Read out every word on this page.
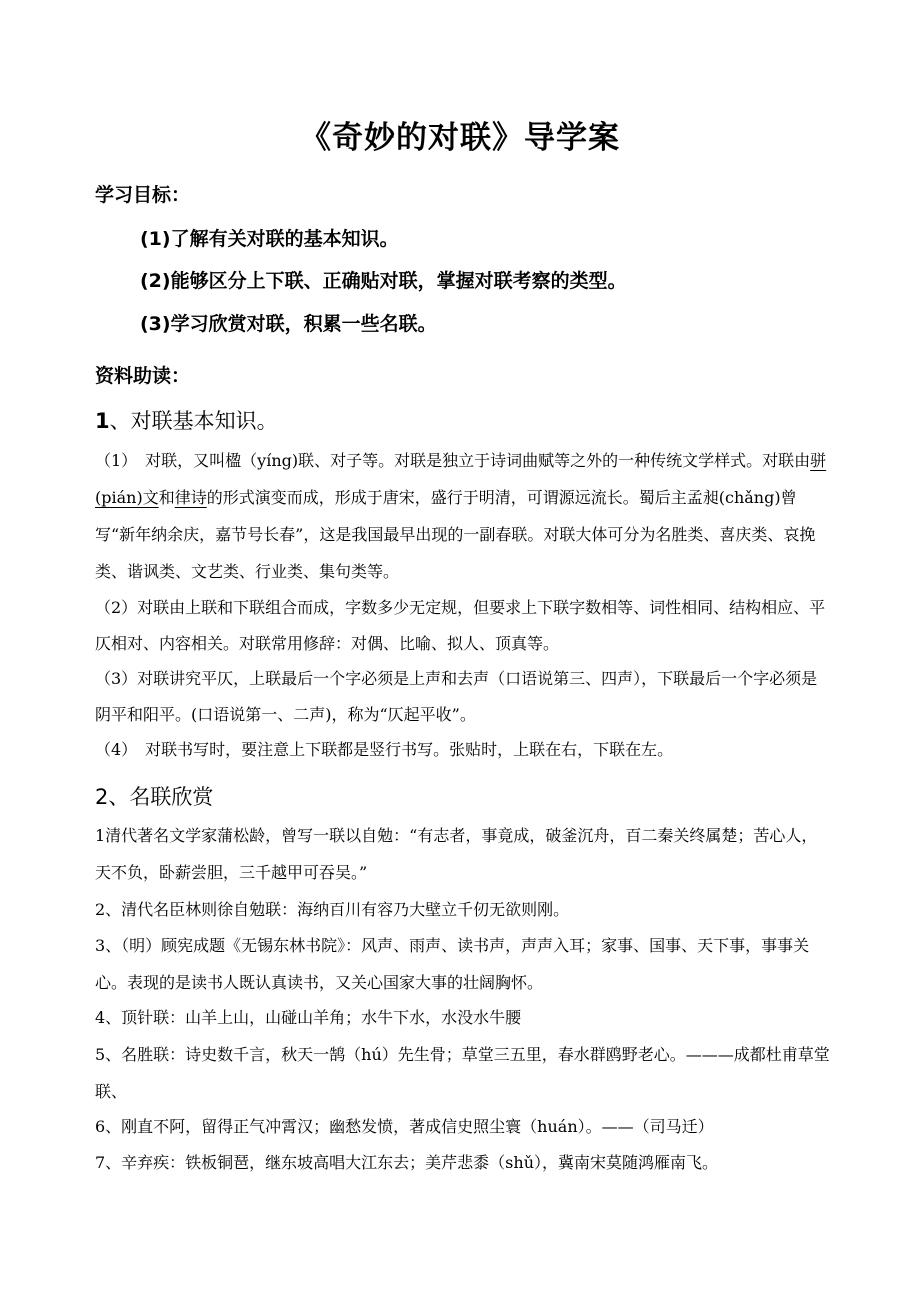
《奇妙的对联》导学案

学习目标：

(1)了解有关对联的基本知识。

(2)能够区分上下联、正确贴对联，掌握对联考察的类型。

(3)学习欣赏对联，积累一些名联。

资料助读：

1、对联基本知识。

（1）　对联，又叫楹（yíng)联、对子等。对联是独立于诗词曲赋等之外的一种传统文学样式。对联由骈(pián)文和律诗的形式演变而成，形成于唐宋，盛行于明清，可谓源远流长。蜀后主孟昶(chǎng)曾写“新年纳余庆，嘉节号长春”，这是我国最早出现的一副春联。对联大体可分为名胜类、喜庆类、哀挽类、谐讽类、文艺类、行业类、集句类等。

（2）对联由上联和下联组合而成，字数多少无定规，但要求上下联字数相等、词性相同、结构相应、平仄相对、内容相关。对联常用修辞：对偶、比喻、拟人、顶真等。

（3）对联讲究平仄，上联最后一个字必须是上声和去声（口语说第三、四声），下联最后一个字必须是阴平和阳平。(口语说第一、二声)，称为“仄起平收”。

（4）　对联书写时，要注意上下联都是竖行书写。张贴时，上联在右，下联在左。

2、名联欣赏

1清代著名文学家蒲松龄，曾写一联以自勉：“有志者，事竟成，破釜沉舟，百二秦关终属楚；苦心人，天不负，卧薪尝胆，三千越甲可吞吴。”

2、清代名臣林则徐自勉联：海纳百川有容乃大壁立千仞无欲则刚。

3、（明）顾宪成题《无锡东林书院》：风声、雨声、读书声，声声入耳；家事、国事、天下事，事事关心。表现的是读书人既认真读书，又关心国家大事的壮阔胸怀。

4、顶针联：山羊上山，山碰山羊角；水牛下水，水没水牛腰

5、名胜联：诗史数千言，秋天一鹄（hú）先生骨；草堂三五里，春水群鸥野老心。———成都杜甫草堂联、

6、刚直不阿，留得正气冲霄汉；幽愁发愤，著成信史照尘寰（huán）。——（司马迁）

7、辛弃疾：铁板铜琶，继东坡高唱大江东去；美芹悲黍（shǔ），冀南宋莫随鸿雁南飞。
